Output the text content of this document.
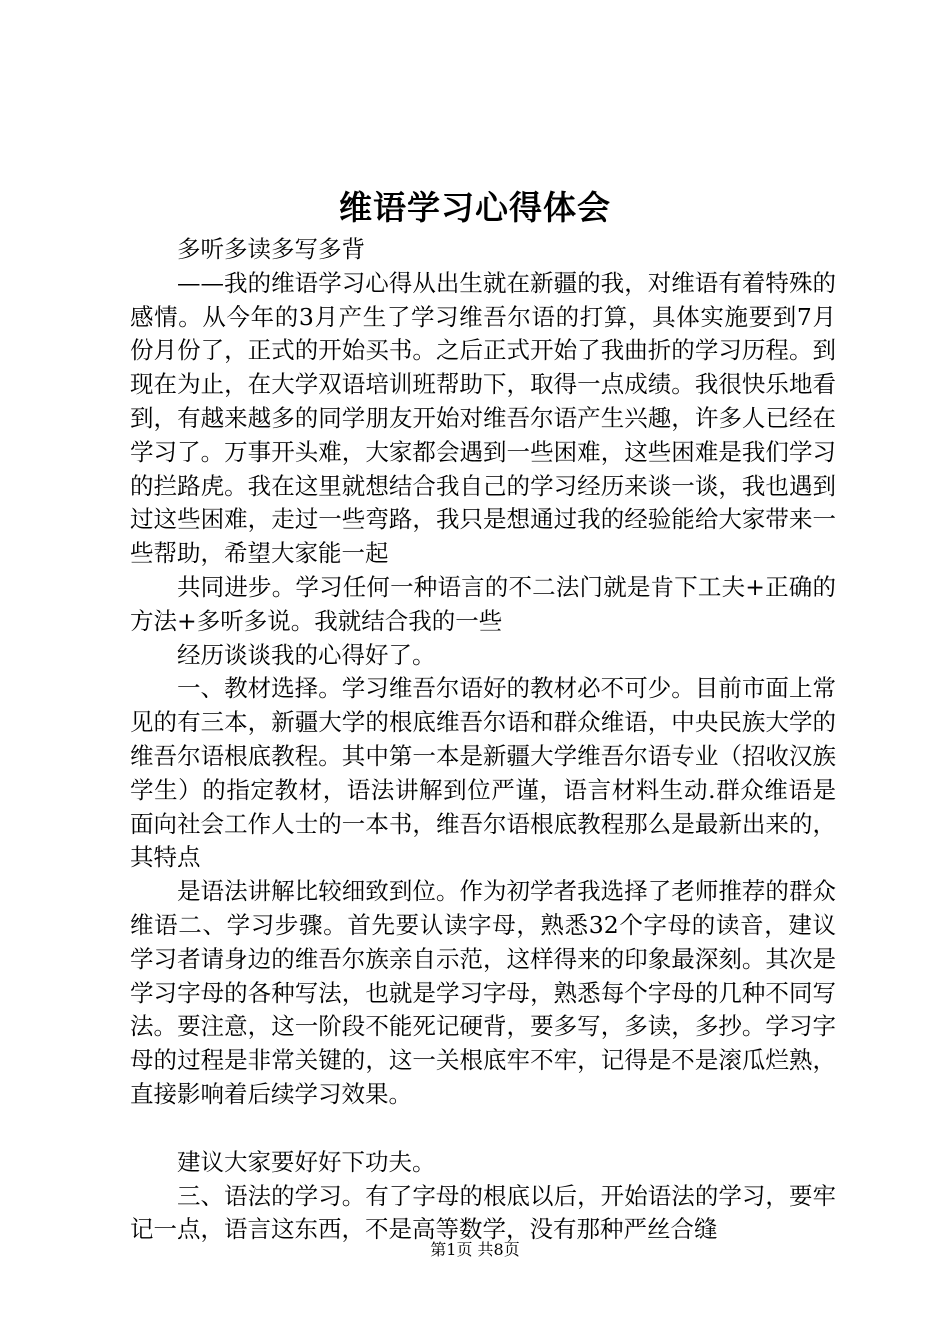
维语学习心得体会

多听多读多写多背

——我的维语学习心得从出生就在新疆的我，对维语有着特殊的感情。从今年的3月产生了学习维吾尔语的打算，具体实施要到7月份月份了，正式的开始买书。之后正式开始了我曲折的学习历程。到现在为止，在大学双语培训班帮助下，取得一点成绩。我很快乐地看到，有越来越多的同学朋友开始对维吾尔语产生兴趣，许多人已经在学习了。万事开头难，大家都会遇到一些困难，这些困难是我们学习的拦路虎。我在这里就想结合我自己的学习经历来谈一谈，我也遇到过这些困难，走过一些弯路，我只是想通过我的经验能给大家带来一些帮助，希望大家能一起

共同进步。学习任何一种语言的不二法门就是肯下工夫+正确的方法+多听多说。我就结合我的一些

经历谈谈我的心得好了。

一、教材选择。学习维吾尔语好的教材必不可少。目前市面上常见的有三本，新疆大学的根底维吾尔语和群众维语，中央民族大学的维吾尔语根底教程。其中第一本是新疆大学维吾尔语专业（招收汉族学生）的指定教材，语法讲解到位严谨，语言材料生动.群众维语是面向社会工作人士的一本书，维吾尔语根底教程那么是最新出来的，其特点

是语法讲解比较细致到位。作为初学者我选择了老师推荐的群众维语二、学习步骤。首先要认读字母，熟悉32个字母的读音，建议学习者请身边的维吾尔族亲自示范，这样得来的印象最深刻。其次是学习字母的各种写法，也就是学习字母，熟悉每个字母的几种不同写法。要注意，这一阶段不能死记硬背，要多写，多读，多抄。学习字母的过程是非常关键的，这一关根底牢不牢，记得是不是滚瓜烂熟，直接影响着后续学习效果。

建议大家要好好下功夫。

三、语法的学习。有了字母的根底以后，开始语法的学习，要牢记一点，语言这东西，不是高等数学，没有那种严丝合缝

第1页 共8页
